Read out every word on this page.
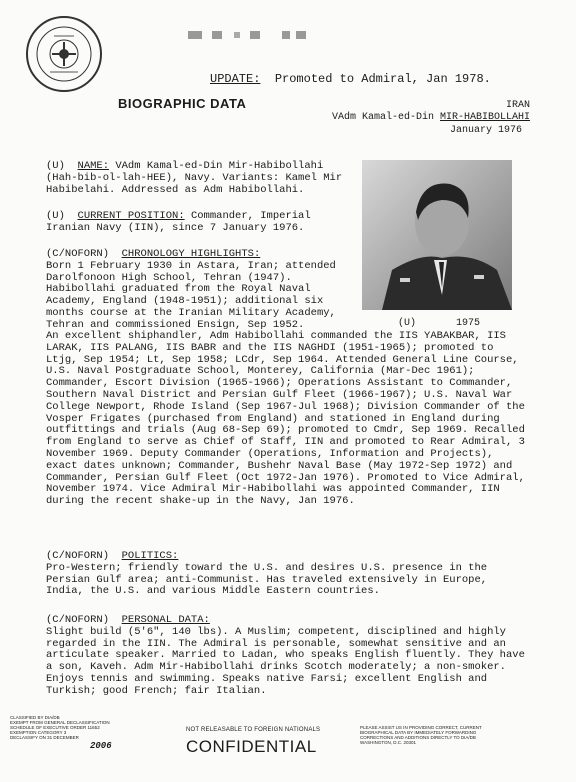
UPDATE: Promoted to Admiral, Jan 1978.
BIOGRAPHIC DATA	IRAN
VAdm Kamal-ed-Din MIR-HABIBOLLAHI
January 1976
(U) NAME: VAdm Kamal-ed-Din Mir-Habibollahi (Hah-bib-ol-lah-HEE), Navy. Variants: Kamel Mir Habibelahi. Addressed as Adm Habibollahi.
(U) CURRENT POSITION: Commander, Imperial Iranian Navy (IIN), since 7 January 1976.
(C/NOFORN) CHRONOLOGY HIGHLIGHTS:
Born 1 February 1930 in Astara, Iran; attended Darolfonoon High School, Tehran (1947). Habibollahi graduated from the Royal Naval Academy, England (1948-1951); additional six months course at the Iranian Military Academy, Tehran and commissioned Ensign, Sep 1952.
An excellent shiphandler, Adm Habibollahi commanded the IIS YABAKBAR, IIS LARAK, IIS PALANG, IIS BABR and the IIS NAGHDI (1951-1965); promoted to Ltjg, Sep 1954; Lt, Sep 1958; LCdr, Sep 1964. Attended General Line Course, U.S. Naval Postgraduate School, Monterey, California (Mar-Dec 1961); Commander, Escort Division (1965-1966); Operations Assistant to Commander, Southern Naval District and Persian Gulf Fleet (1966-1967); U.S. Naval War College Newport, Rhode Island (Sep 1967-Jul 1968); Division Commander of the Vosper Frigates (purchased from England) and stationed in England during outfittings and trials (Aug 68-Sep 69); promoted to Cmdr, Sep 1969. Recalled from England to serve as Chief of Staff, IIN and promoted to Rear Admiral, 3 November 1969. Deputy Commander (Operations, Information and Projects), exact dates unknown; Commander, Bushehr Naval Base (May 1972-Sep 1972) and Commander, Persian Gulf Fleet (Oct 1972-Jan 1976). Promoted to Vice Admiral, November 1974. Vice Admiral Mir-Habibollahi was appointed Commander, IIN during the recent shake-up in the Navy, Jan 1976.
(U)	1975
(C/NOFORN) POLITICS:
Pro-Western; friendly toward the U.S. and desires U.S. presence in the Persian Gulf area; anti-Communist. Has traveled extensively in Europe, India, the U.S. and various Middle Eastern countries.
(C/NOFORN) PERSONAL DATA:
Slight build (5'6", 140 lbs). A Muslim; competent, disciplined and highly regarded in the IIN. The Admiral is personable, somewhat sensitive and an articulate speaker. Married to Ladan, who speaks English fluently. They have a son, Kaveh. Adm Mir-Habibollahi drinks Scotch moderately; a non-smoker. Enjoys tennis and swimming. Speaks native Farsi; excellent English and Turkish; good French; fair Italian.
CLASSIFIED BY DIA/DB
EXEMPT FROM GENERAL DECLASSIFICATION
SCHEDULE OF EXECUTIVE ORDER 11652
EXEMPTION CATEGORY 3
DECLASSIFY ON 31 DECEMBER
2006
NOT RELEASABLE TO FOREIGN NATIONALS
CONFIDENTIAL
PLEASE ASSIST US IN PROVIDING CORRECT, CURRENT
BIOGRAPHICAL DATA BY IMMEDIATELY FORWARDING
CORRECTIONS AND ADDITIONS DIRECTLY TO DIA/DB
WASHINGTON, D.C. 20301
